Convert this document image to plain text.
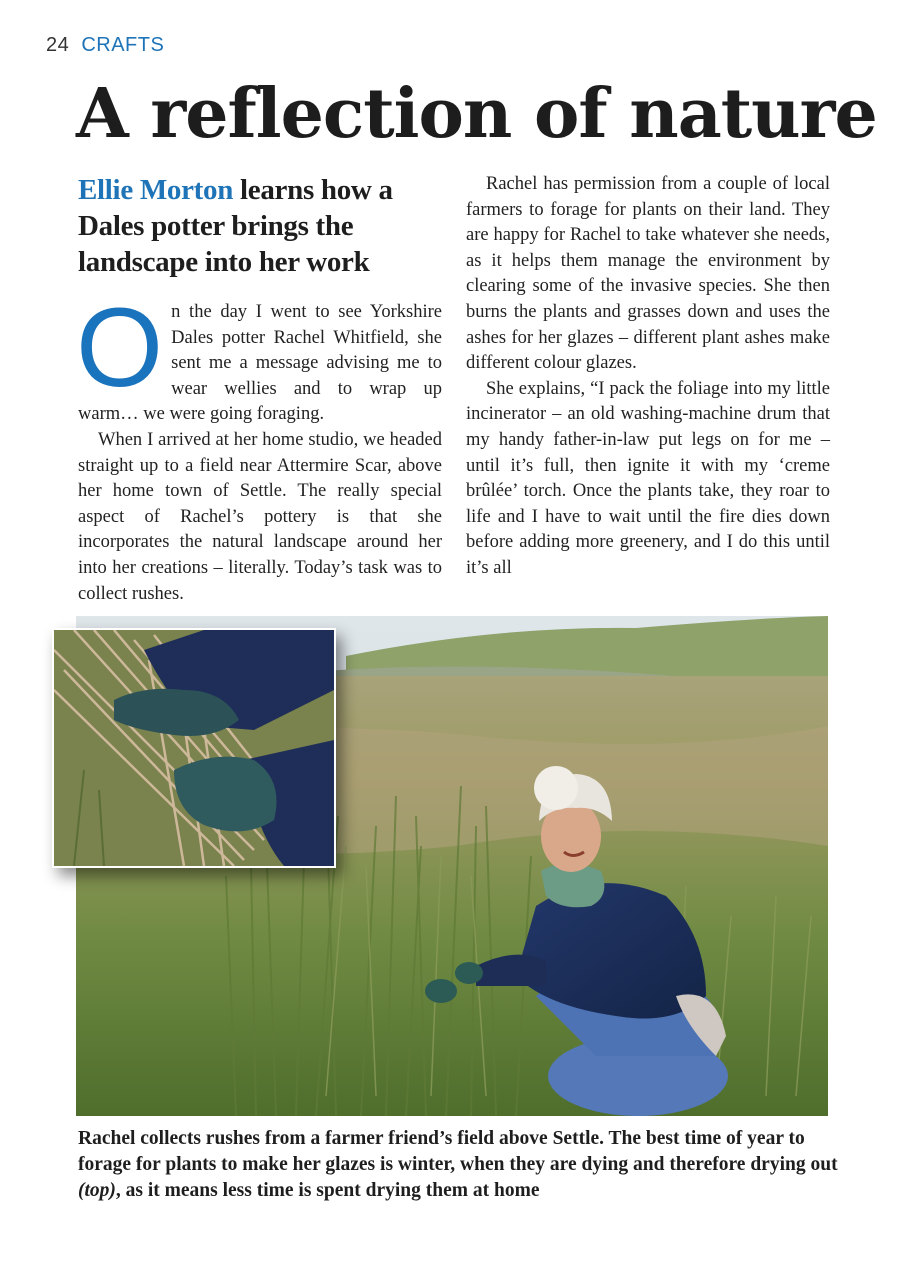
24 CRAFTS
A reflection of nature
Ellie Morton learns how a Dales potter brings the landscape into her work

On the day I went to see Yorkshire Dales potter Rachel Whitfield, she sent me a message advising me to wear wellies and to wrap up warm… we were going foraging.

When I arrived at her home studio, we headed straight up to a field near Attermire Scar, above her home town of Settle. The really special aspect of Rachel’s pottery is that she incorporates the natural landscape around her into her creations – literally. Today’s task was to collect rushes.

Rachel has permission from a couple of local farmers to forage for plants on their land. They are happy for Rachel to take whatever she needs, as it helps them manage the environment by clearing some of the invasive species. She then burns the plants and grasses down and uses the ashes for her glazes – different plant ashes make different colour glazes.

She explains, “I pack the foliage into my little incinerator – an old washing-machine drum that my handy father-in-law put legs on for me – until it’s full, then ignite it with my ‘creme brûlée’ torch. Once the plants take, they roar to life and I have to wait until the fire dies down before adding more greenery, and I do this until it’s all

Rachel collects rushes from a farmer friend’s field above Settle. The best time of year to forage for plants to make her glazes is winter, when they are dying and therefore drying out (top), as it means less time is spent drying them at home
